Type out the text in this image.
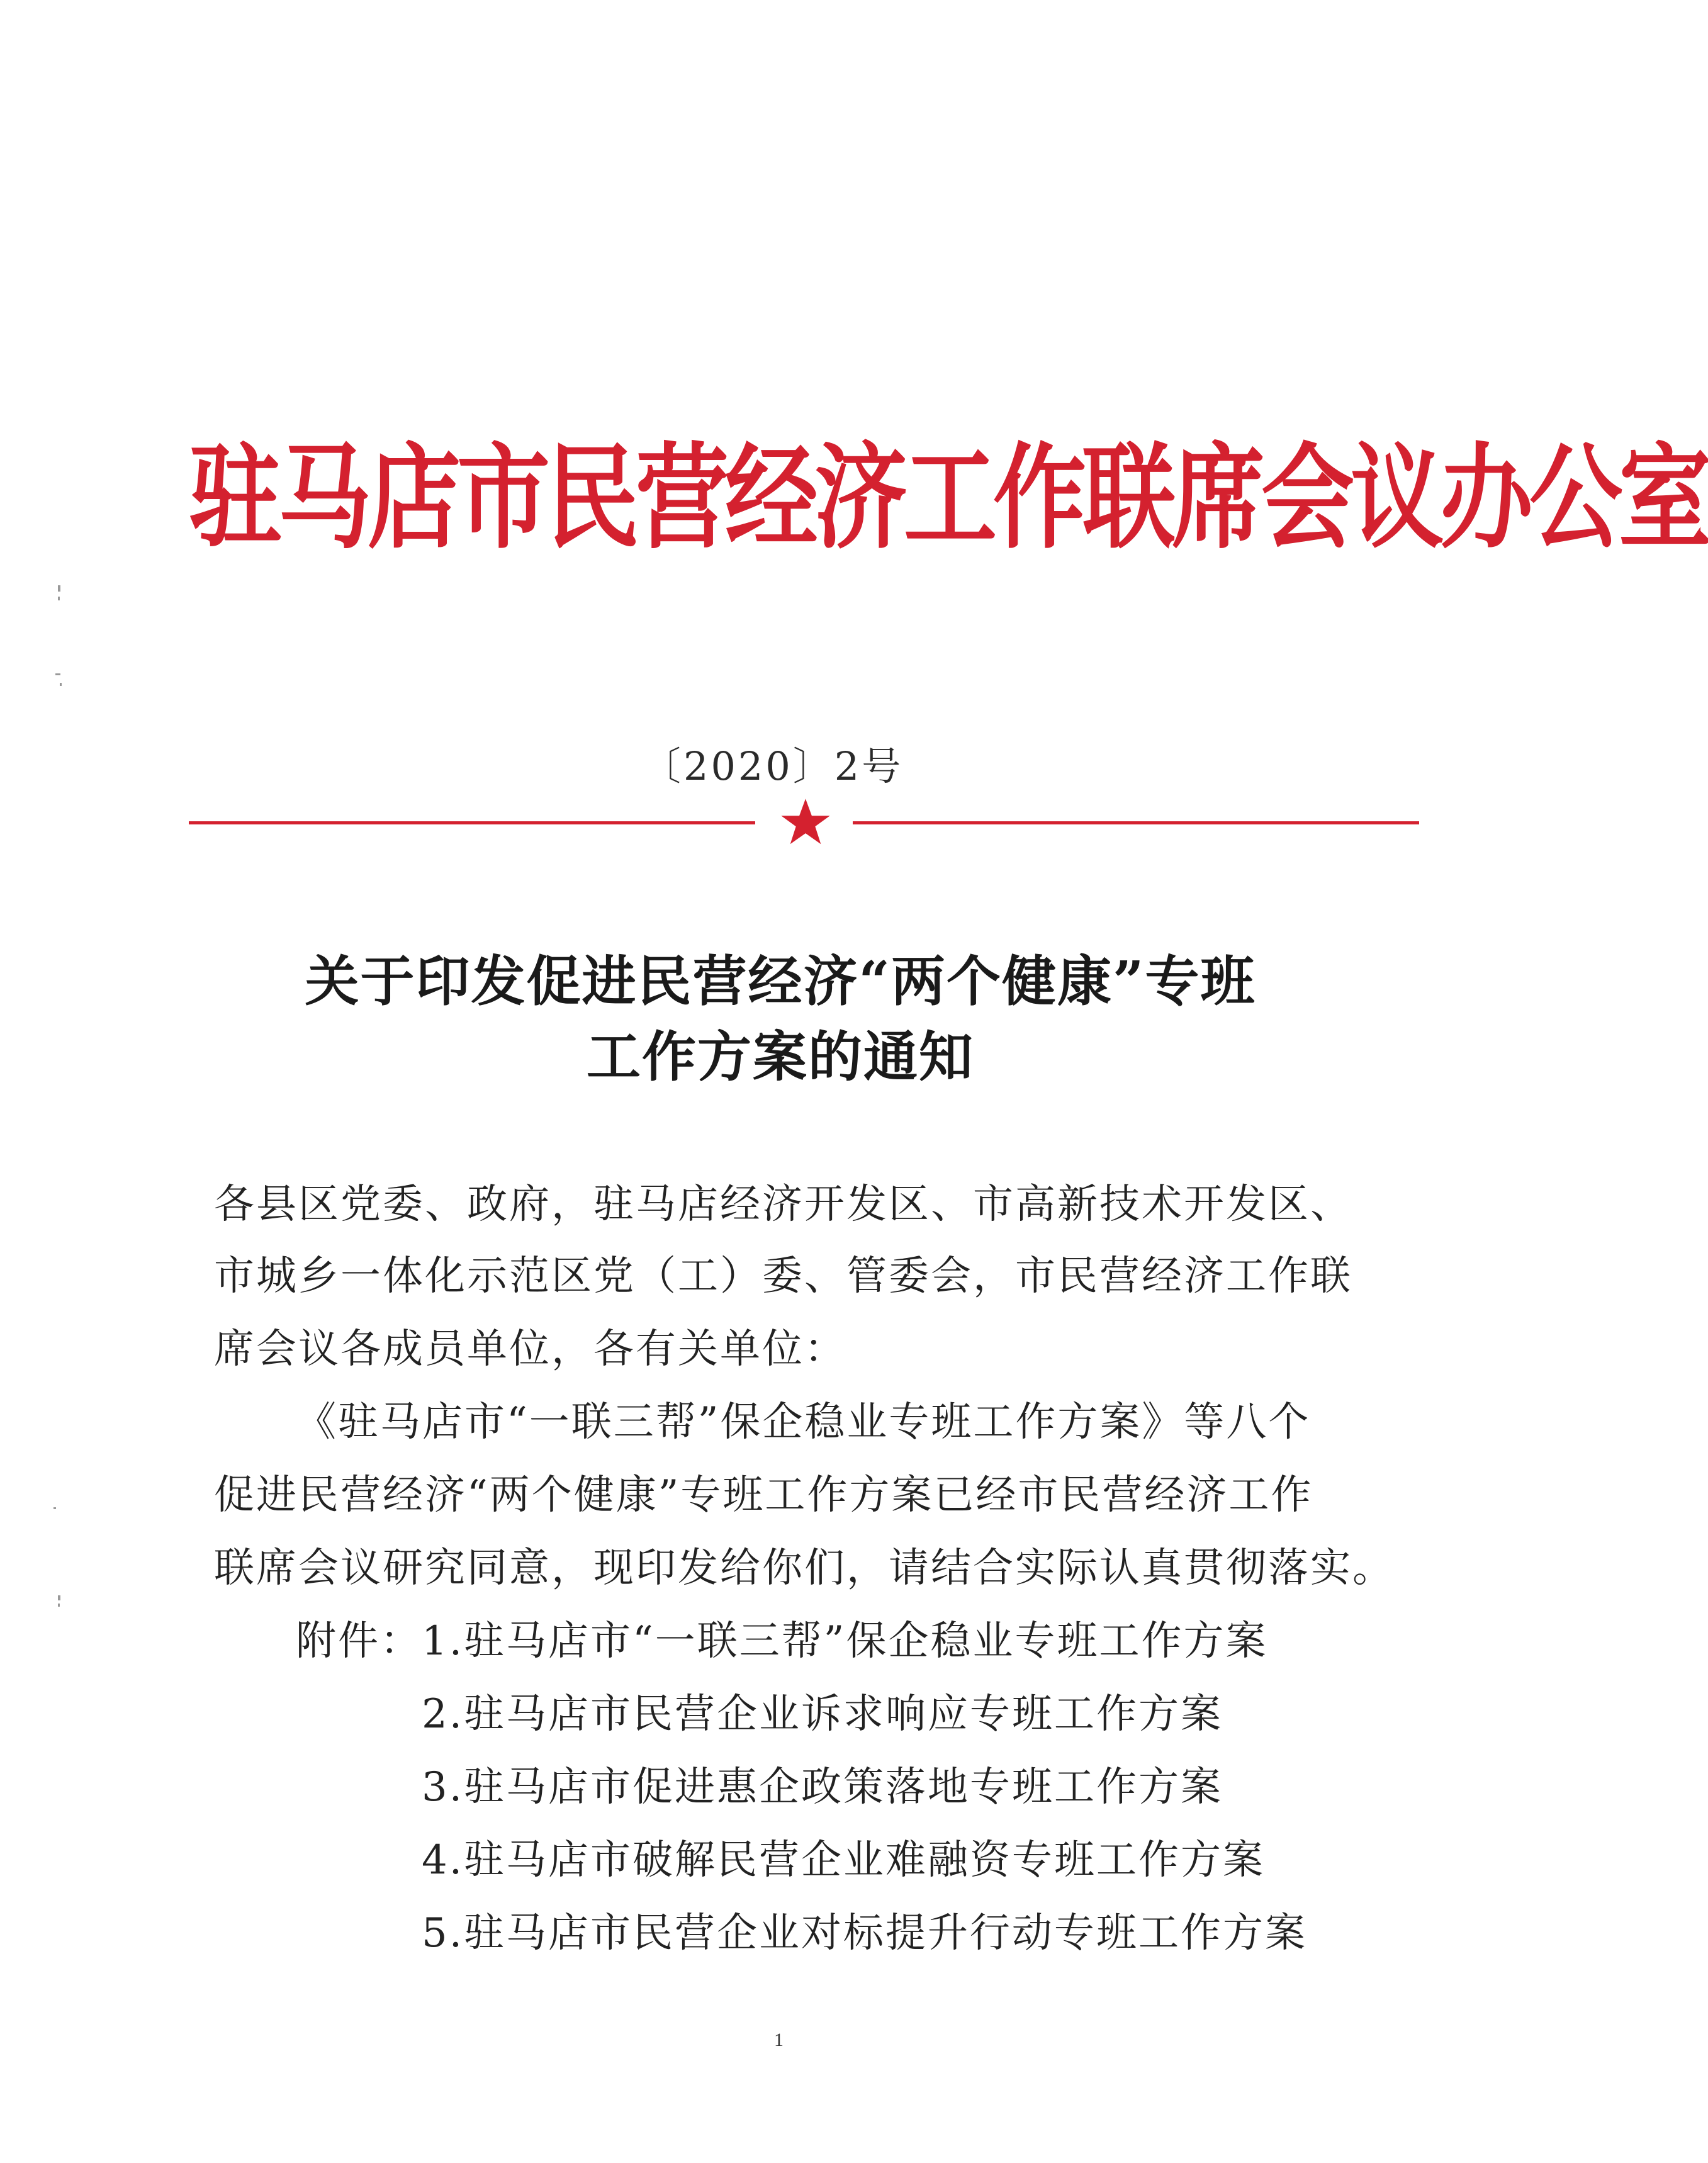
驻马店市民营经济工作联席会议办公室
〔2020〕2号
关于印发促进民营经济“两个健康”专班
工作方案的通知
各县区党委、政府，驻马店经济开发区、市高新技术开发区、
市城乡一体化示范区党（工）委、管委会，市民营经济工作联
席会议各成员单位，各有关单位：
《驻马店市“一联三帮”保企稳业专班工作方案》等八个
促进民营经济“两个健康”专班工作方案已经市民营经济工作
联席会议研究同意，现印发给你们，请结合实际认真贯彻落实。
附件： 1.驻马店市“一联三帮”保企稳业专班工作方案
2.驻马店市民营企业诉求响应专班工作方案
3.驻马店市促进惠企政策落地专班工作方案
4.驻马店市破解民营企业难融资专班工作方案
5.驻马店市民营企业对标提升行动专班工作方案
1
